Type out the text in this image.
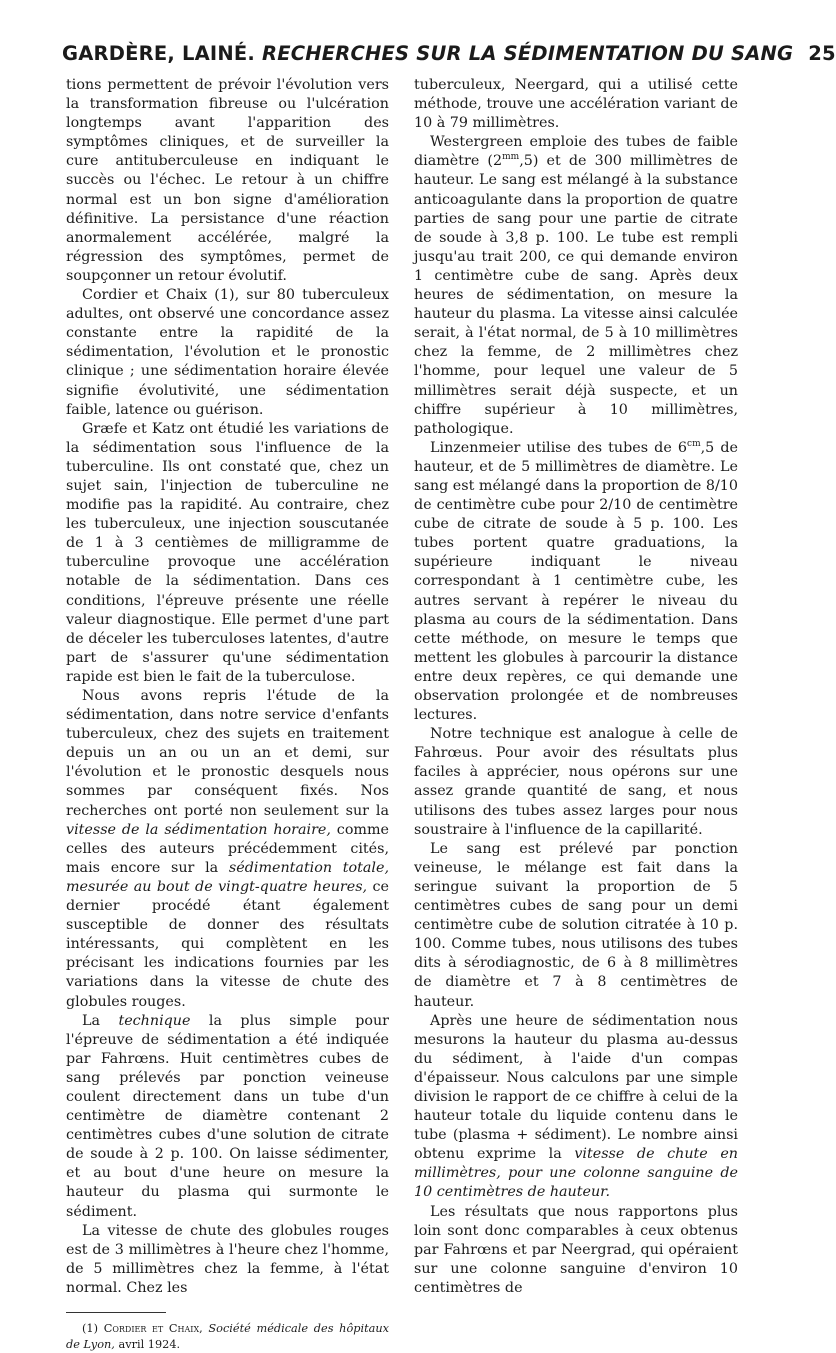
GARDÈRE, LAINÉ. RECHERCHES SUR LA SÉDIMENTATION DU SANG 25

tions permettent de prévoir l'évolution vers la transformation fibreuse ou l'ulcération longtemps avant l'apparition des symptômes cliniques, et de surveiller la cure antituberculeuse en indiquant le succès ou l'échec. Le retour à un chiffre normal est un bon signe d'amélioration définitive. La persistance d'une réaction anormalement accélérée, malgré la régression des symptômes, permet de soupçonner un retour évolutif.

Cordier et Chaix (1), sur 80 tuberculeux adultes, ont observé une concordance assez constante entre la rapidité de la sédimentation, l'évolution et le pronostic clinique ; une sédimentation horaire élevée signifie évolutivité, une sédimentation faible, latence ou guérison.

Græfe et Katz ont étudié les variations de la sédimentation sous l'influence de la tuberculine. Ils ont constaté que, chez un sujet sain, l'injection de tuberculine ne modifie pas la rapidité. Au contraire, chez les tuberculeux, une injection souscutanée de 1 à 3 centièmes de milligramme de tuberculine provoque une accélération notable de la sédimentation. Dans ces conditions, l'épreuve présente une réelle valeur diagnostique. Elle permet d'une part de déceler les tuberculoses latentes, d'autre part de s'assurer qu'une sédimentation rapide est bien le fait de la tuberculose.

Nous avons repris l'étude de la sédimentation, dans notre service d'enfants tuberculeux, chez des sujets en traitement depuis un an ou un an et demi, sur l'évolution et le pronostic desquels nous sommes par conséquent fixés. Nos recherches ont porté non seulement sur la vitesse de la sédimentation horaire, comme celles des auteurs précédemment cités, mais encore sur la sédimentation totale, mesurée au bout de vingt-quatre heures, ce dernier procédé étant également susceptible de donner des résultats intéressants, qui complètent en les précisant les indications fournies par les variations dans la vitesse de chute des globules rouges.

La technique la plus simple pour l'épreuve de sédimentation a été indiquée par Fahrœns. Huit centimètres cubes de sang prélevés par ponction veineuse coulent directement dans un tube d'un centimètre de diamètre contenant 2 centimètres cubes d'une solution de citrate de soude à 2 p. 100. On laisse sédimenter, et au bout d'une heure on mesure la hauteur du plasma qui surmonte le sédiment.

La vitesse de chute des globules rouges est de 3 millimètres à l'heure chez l'homme, de 5 millimètres chez la femme, à l'état normal. Chez les

(1) Cordier et Chaix, Société médicale des hôpitaux de Lyon, avril 1924.

tuberculeux, Neergard, qui a utilisé cette méthode, trouve une accélération variant de 10 à 79 millimètres.

Westergreen emploie des tubes de faible diamètre $(2^{mm},5)$ et de 300 millimètres de hauteur. Le sang est mélangé à la substance anticoagulante dans la proportion de quatre parties de sang pour une partie de citrate de soude à 3,8 p. 100. Le tube est rempli jusqu'au trait 200, ce qui demande environ 1 centimètre cube de sang. Après deux heures de sédimentation, on mesure la hauteur du plasma. La vitesse ainsi calculée serait, à l'état normal, de 5 à 10 millimètres chez la femme, de 2 millimètres chez l'homme, pour lequel une valeur de 5 millimètres serait déjà suspecte, et un chiffre supérieur à 10 millimètres, pathologique.

Linzenmeier utilise des tubes de $6^{cm},5$ de hauteur, et de 5 millimètres de diamètre. Le sang est mélangé dans la proportion de 8/10 de centimètre cube pour 2/10 de centimètre cube de citrate de soude à 5 p. 100. Les tubes portent quatre graduations, la supérieure indiquant le niveau correspondant à 1 centimètre cube, les autres servant à repérer le niveau du plasma au cours de la sédimentation. Dans cette méthode, on mesure le temps que mettent les globules à parcourir la distance entre deux repères, ce qui demande une observation prolongée et de nombreuses lectures.

Notre technique est analogue à celle de Fahrœus. Pour avoir des résultats plus faciles à apprécier, nous opérons sur une assez grande quantité de sang, et nous utilisons des tubes assez larges pour nous soustraire à l'influence de la capillarité.

Le sang est prélevé par ponction veineuse, le mélange est fait dans la seringue suivant la proportion de 5 centimètres cubes de sang pour un demi centimètre cube de solution citratée à 10 p. 100. Comme tubes, nous utilisons des tubes dits à sérodiagnostic, de 6 à 8 millimètres de diamètre et 7 à 8 centimètres de hauteur.

Après une heure de sédimentation nous mesurons la hauteur du plasma au-dessus du sédiment, à l'aide d'un compas d'épaisseur. Nous calculons par une simple division le rapport de ce chiffre à celui de la hauteur totale du liquide contenu dans le tube (plasma + sédiment). Le nombre ainsi obtenu exprime la vitesse de chute en millimètres, pour une colonne sanguine de 10 centimètres de hauteur.

Les résultats que nous rapportons plus loin sont donc comparables à ceux obtenus par Fahrœns et par Neergrad, qui opéraient sur une colonne sanguine d'environ 10 centimètres de
